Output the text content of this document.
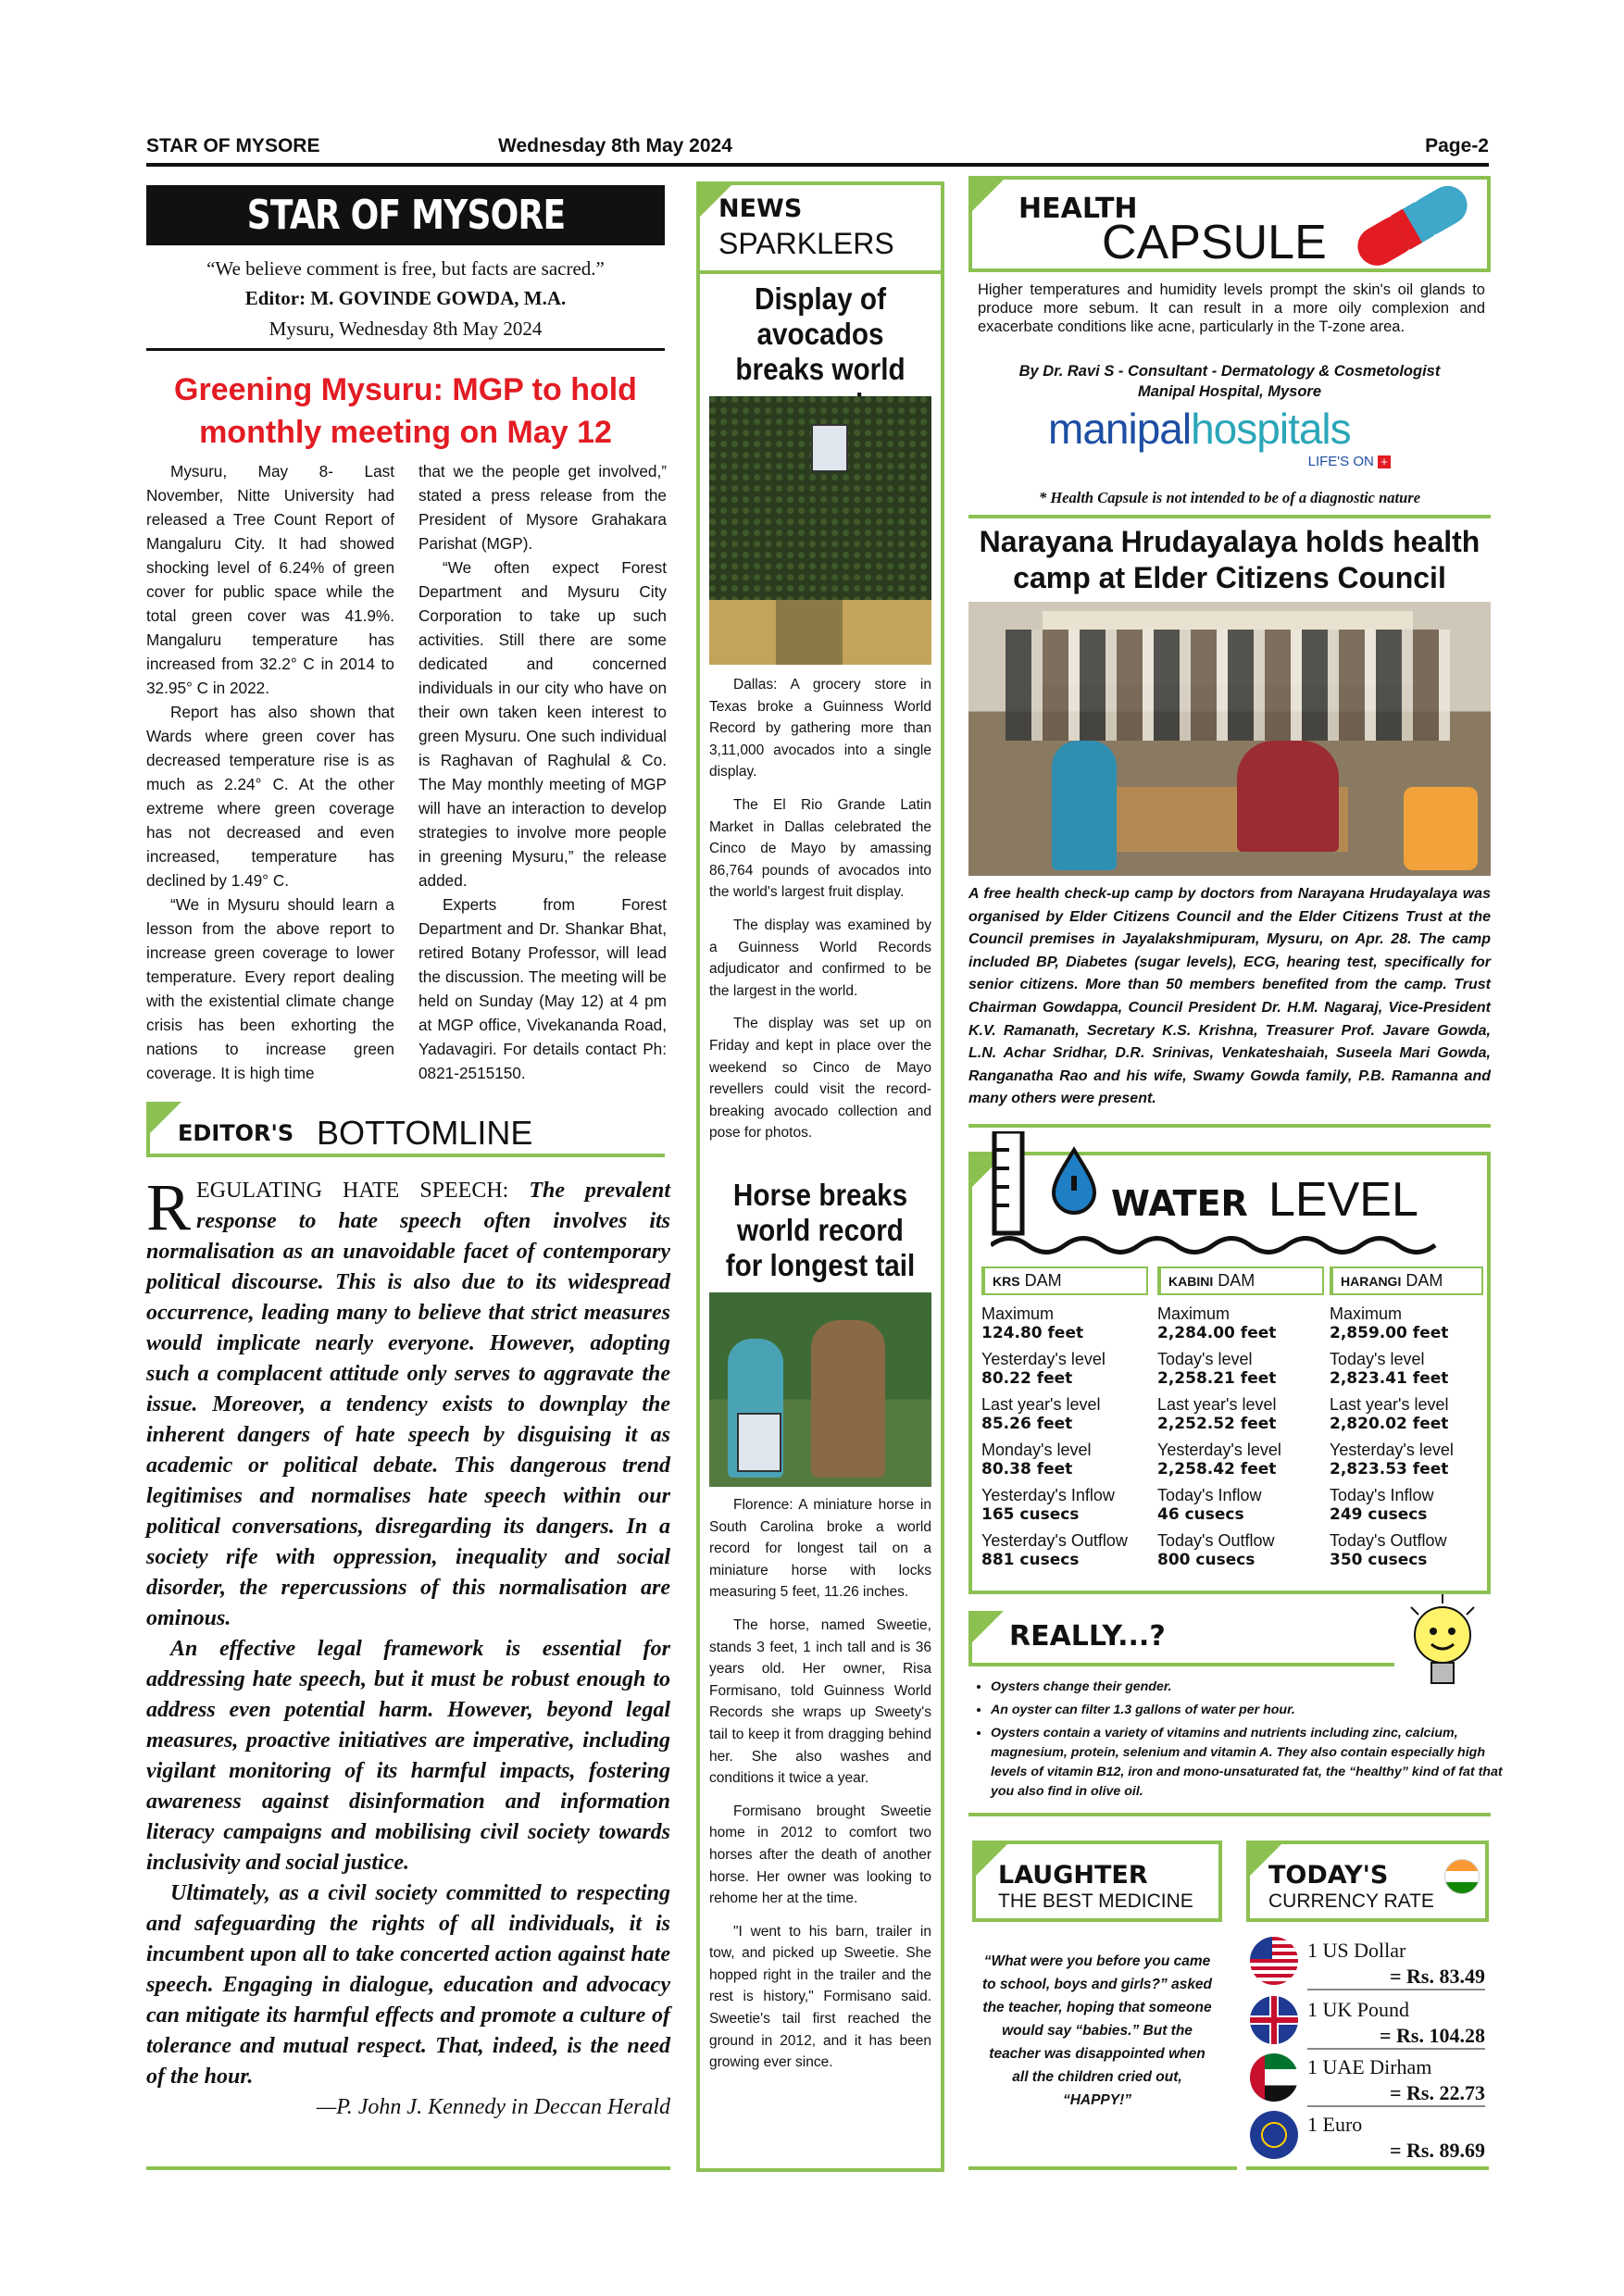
STAR OF MYSORE	Wednesday 8th May 2024	Page-2
STAR OF MYSORE
“We believe comment is free, but facts are sacred.”
Editor: M. GOVINDE GOWDA, M.A.
Mysuru, Wednesday 8th May 2024
Greening Mysuru: MGP to hold monthly meeting on May 12

Mysuru, May 8- Last November, Nitte University had released a Tree Count Report of Mangaluru City. It had showed shocking level of 6.24% of green cover for public space while the total green cover was 41.9%. Mangaluru temperature has increased from 32.2° C in 2014 to 32.95° C in 2022.

Report has also shown that Wards where green cover has decreased temperature rise is as much as 2.24° C. At the other extreme where green coverage has not decreased and even increased, temperature has declined by 1.49° C.

“We in Mysuru should learn a lesson from the above report to increase green coverage to lower temperature. Every report dealing with the existential climate change crisis has been exhorting the nations to increase green coverage. It is high time

that we the people get involved,” stated a press release from the President of Mysore Grahakara Parishat (MGP).

“We often expect Forest Department and Mysuru City Corporation to take up such activities. Still there are some dedicated and concerned individuals in our city who have on their own taken keen interest to green Mysuru. One such individual is Raghavan of Raghulal & Co. The May monthly meeting of MGP will have an interaction to develop strategies to involve more people in greening Mysuru,” the release added.

Experts from Forest Department and Dr. Shankar Bhat, retired Botany Professor, will lead the discussion. The meeting will be held on Sunday (May 12) at 4 pm at MGP office, Vivekananda Road, Yadavagiri. For details contact Ph: 0821-2515150.

EDITOR'S BOTTOMLINE

REGULATING HATE SPEECH: The prevalent response to hate speech often involves its normalisation as an unavoidable facet of contemporary political discourse. This is also due to its widespread occurrence, leading many to believe that strict measures would implicate nearly everyone. However, adopting such a complacent attitude only serves to aggravate the issue. Moreover, a tendency exists to downplay the inherent dangers of hate speech by disguising it as academic or political debate. This dangerous trend legitimises and normalises hate speech within our political conversations, disregarding its dangers. In a society rife with oppression, inequality and social disorder, the repercussions of this normalisation are ominous.

An effective legal framework is essential for addressing hate speech, but it must be robust enough to address even potential harm. However, beyond legal measures, proactive initiatives are imperative, including vigilant monitoring of its harmful impacts, fostering awareness against disinformation and information literacy campaigns and mobilising civil society towards inclusivity and social justice.

Ultimately, as a civil society committed to respecting and safeguarding the rights of all individuals, it is incumbent upon all to take concerted action against hate speech. Engaging in dialogue, education and advocacy can mitigate its harmful effects and promote a culture of tolerance and mutual respect. That, indeed, is the need of the hour.

—P. John J. Kennedy in Deccan Herald

NEWS
SPARKLERS
Display of avocados breaks world

Dallas: A grocery store in Texas broke a Guinness World Record by gathering more than 3,11,000 avocados into a single display.

The El Rio Grande Latin Market in Dallas celebrated the Cinco de Mayo by amassing 86,764 pounds of avocados into the world's largest fruit display.

The display was examined by a Guinness World Records adjudicator and confirmed to be the largest in the world.

The display was set up on Friday and kept in place over the weekend so Cinco de Mayo revellers could visit the record-breaking avocado collection and pose for photos.

Horse breaks world record for longest tail

Florence: A miniature horse in South Carolina broke a world record for longest tail on a miniature horse with locks measuring 5 feet, 11.26 inches.

The horse, named Sweetie, stands 3 feet, 1 inch tall and is 36 years old. Her owner, Risa Formisano, told Guinness World Records she wraps up Sweety's tail to keep it from dragging behind her. She also washes and conditions it twice a year.

Formisano brought Sweetie home in 2012 to comfort two horses after the death of another horse. Her owner was looking to rehome her at the time.

"I went to his barn, trailer in tow, and picked up Sweetie. She hopped right in the trailer and the rest is history," Formisano said. Sweetie's tail first reached the ground in 2012, and it has been growing ever since.

HEALTH
CAPSULE
Higher temperatures and humidity levels prompt the skin's oil glands to produce more sebum. It can result in a more oily complexion and exacerbate conditions like acne, particularly in the T-zone area.
By Dr. Ravi S - Consultant - Dermatology & Cosmetologist
Manipal Hospital, Mysore
manipalhospitals
LIFE'S ON +
* Health Capsule is not intended to be of a diagnostic nature
Narayana Hrudayalaya holds health camp at Elder Citizens Council
A free health check-up camp by doctors from Narayana Hrudayalaya was organised by Elder Citizens Council and the Elder Citizens Trust at the Council premises in Jayalakshmipuram, Mysuru, on Apr. 28. The camp included BP, Diabetes (sugar levels), ECG, hearing test, specifically for senior citizens. More than 50 members benefited from the camp. Trust Chairman Gowdappa, Council President Dr. H.M. Nagaraj, Vice-President K.V. Ramanath, Secretary K.S. Krishna, Treasurer Prof. Javare Gowda, L.N. Achar Sridhar, D.R. Srinivas, Venkateshaiah, Suseela Mari Gowda, Ranganatha Rao and his wife, Swamy Gowda family, P.B. Ramanna and many others were present.
WATER LEVEL
KRS DAM
Maximum
124.80 feet
Yesterday's level
80.22 feet
Last year's level
85.26 feet
Monday's level
80.38 feet
Yesterday's Inflow
165 cusecs
Yesterday's Outflow
881 cusecs
KABINI DAM
Maximum
2,284.00 feet
Today's level
2,258.21 feet
Last year's level
2,252.52 feet
Yesterday's level
2,258.42 feet
Today's Inflow
46 cusecs
Today's Outflow
800 cusecs
HARANGI DAM
Maximum
2,859.00 feet
Today's level
2,823.41 feet
Last year's level
2,820.02 feet
Yesterday's level
2,823.53 feet
Today's Inflow
249 cusecs
Today's Outflow
350 cusecs
REALLY...?
• Oysters change their gender.
• An oyster can filter 1.3 gallons of water per hour.
• Oysters contain a variety of vitamins and nutrients including zinc, calcium, magnesium, protein, selenium and vitamin A. They also contain especially high levels of vitamin B12, iron and mono-unsaturated fat, the “healthy” kind of fat that you also find in olive oil.
LAUGHTER
THE BEST MEDICINE
“What were you before you came to school, boys and girls?” asked the teacher, hoping that someone would say “babies.” But the teacher was disappointed when all the children cried out, “HAPPY!”
TODAY'S
CURRENCY RATE
1 US Dollar
= Rs. 83.49
1 UK Pound
= Rs. 104.28
1 UAE Dirham
= Rs. 22.73
1 Euro
= Rs. 89.69
